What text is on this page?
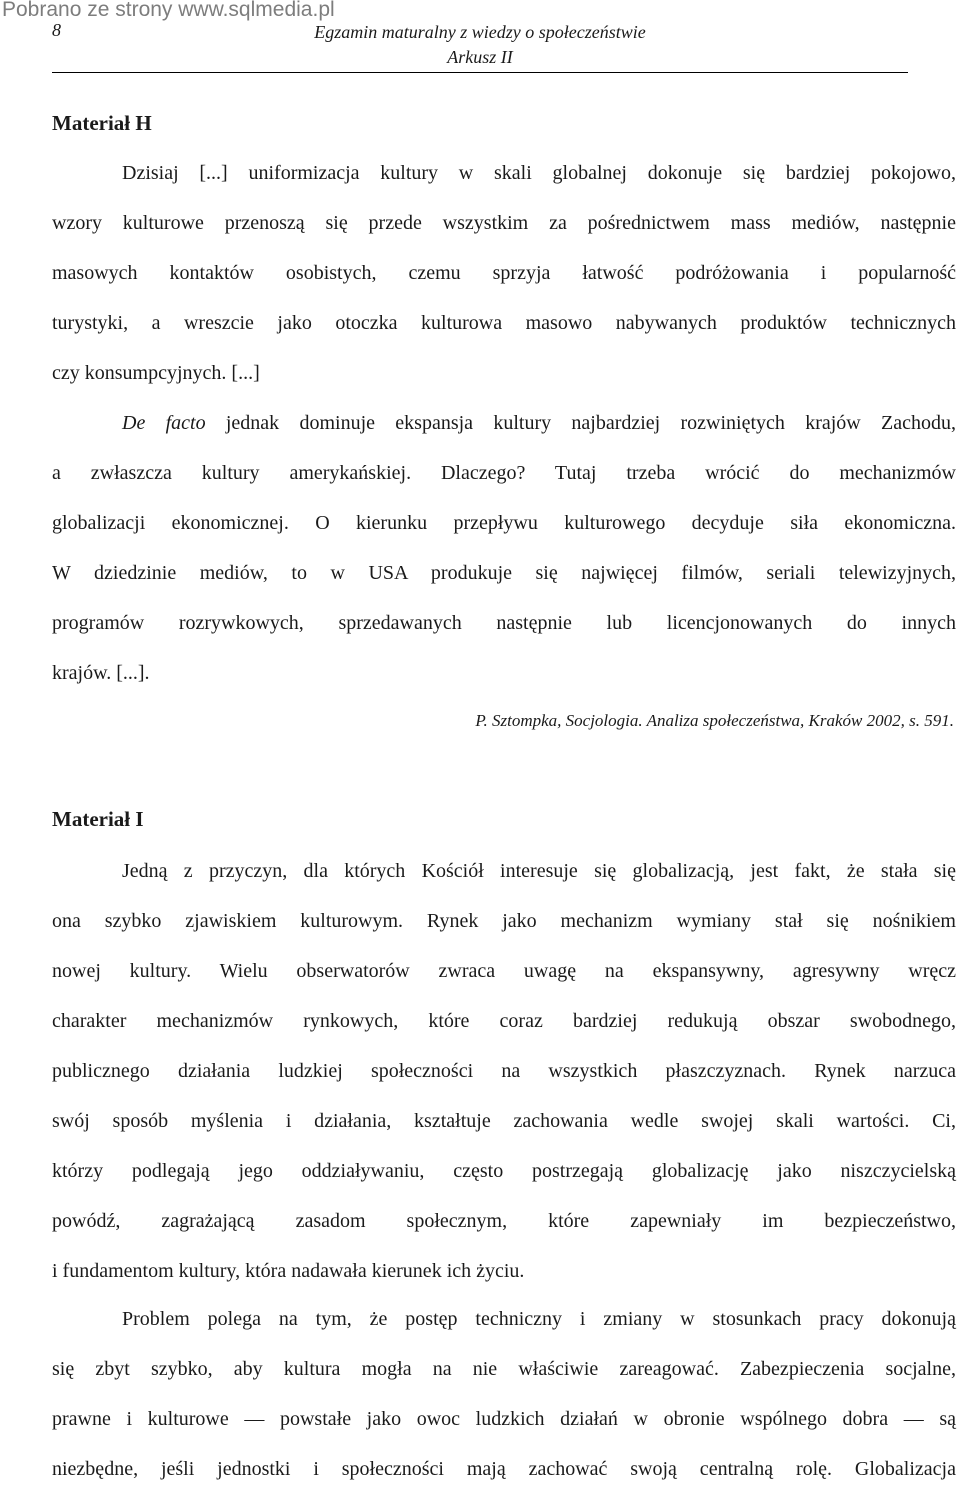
Pobrano ze strony www.sqlmedia.pl
8	Egzamin maturalny z wiedzy o społeczeństwie
Arkusz II
Materiał H
Dzisiaj [...] uniformizacja kultury w skali globalnej dokonuje się bardziej pokojowo,
wzory kulturowe przenoszą się przede wszystkim za pośrednictwem mass mediów, następnie
masowych kontaktów osobistych, czemu sprzyja łatwość podróżowania i popularność
turystyki, a wreszcie jako otoczka kulturowa masowo nabywanych produktów technicznych
czy konsumpcyjnych. [...]
De facto jednak dominuje ekspansja kultury najbardziej rozwiniętych krajów Zachodu,
a zwłaszcza kultury amerykańskiej. Dlaczego? Tutaj trzeba wrócić do mechanizmów
globalizacji ekonomicznej. O kierunku przepływu kulturowego decyduje siła ekonomiczna.
W dziedzinie mediów, to w USA produkuje się najwięcej filmów, seriali telewizyjnych,
programów rozrywkowych, sprzedawanych następnie lub licencjonowanych do innych
krajów. [...].
P. Sztompka, Socjologia. Analiza społeczeństwa, Kraków 2002, s. 591.
Materiał I
Jedną z przyczyn, dla których Kościół interesuje się globalizacją, jest fakt, że stała się
ona szybko zjawiskiem kulturowym. Rynek jako mechanizm wymiany stał się nośnikiem
nowej kultury. Wielu obserwatorów zwraca uwagę na ekspansywny, agresywny wręcz
charakter mechanizmów rynkowych, które coraz bardziej redukują obszar swobodnego,
publicznego działania ludzkiej społeczności na wszystkich płaszczyznach. Rynek narzuca
swój sposób myślenia i działania, kształtuje zachowania wedle swojej skali wartości. Ci,
którzy podlegają jego oddziaływaniu, często postrzegają globalizację jako niszczycielską
powódź, zagrażającą zasadom społecznym, które zapewniały im bezpieczeństwo,
i fundamentom kultury, która nadawała kierunek ich życiu.
Problem polega na tym, że postęp techniczny i zmiany w stosunkach pracy dokonują
się zbyt szybko, aby kultura mogła na nie właściwie zareagować. Zabezpieczenia socjalne,
prawne i kulturowe — powstałe jako owoc ludzkich działań w obronie wspólnego dobra — są
niezbędne, jeśli jednostki i społeczności mają zachować swoją centralną rolę. Globalizacja
